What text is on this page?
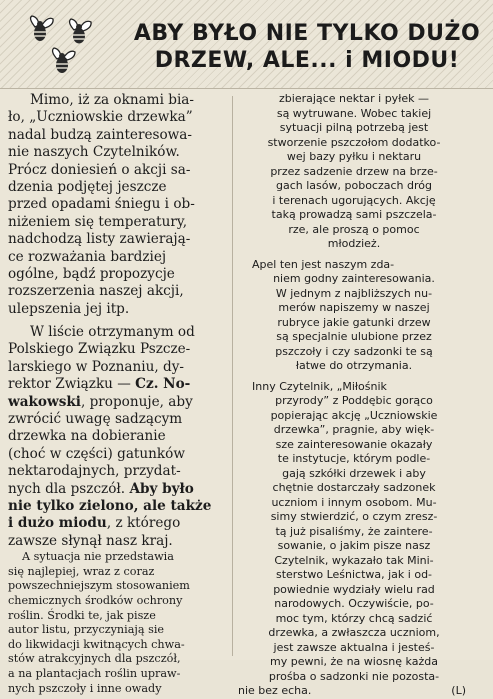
ABY BYŁO NIE TYLKO DUŻO
DRZEW, ALE... i MIODU!
Mimo, iż za oknami bia-
ło, „Uczniowskie drzewka”
nadal budzą zainteresowa-
nie naszych Czytelników.
Prócz doniesień o akcji sa-
dzenia podjętej jeszcze
przed opadami śniegu i ob-
niżeniem się temperatury,
nadchodzą listy zawierają-
ce rozważania bardziej
ogólne, bądź propozycje
rozszerzenia naszej akcji,
ulepszenia jej itp.
W liście otrzymanym od
Polskiego Związku Pszcze-
larskiego w Poznaniu, dy-
rektor Związku — Cz. No-
wakowski, proponuje, aby
zwrócić uwagę sadzącym
drzewka na dobieranie
(choć w części) gatunków
nektarodajnych, przydat-
nych dla pszczół. Aby było
nie tylko zielono, ale także
i dużo miodu, z którego
zawsze słynął nasz kraj.
A sytuacja nie przedstawia
się najlepiej, wraz z coraz
powszechniejszym stosowaniem
chemicznych środków ochrony
roślin. Środki te, jak pisze
autor listu, przyczyniają sie
do likwidacji kwitnących chwa-
stów atrakcyjnych dla pszczół,
a na plantacjach roślin upraw-
nych pszczoły i inne owady
zbierające nektar i pyłek —
są wytruwane. Wobec takiej
sytuacji pilną potrzebą jest
stworzenie pszczołom dodatko-
wej bazy pyłku i nektaru
przez sadzenie drzew na brze-
gach lasów, poboczach dróg
i terenach ugorujących. Akcję
taką prowadzą sami pszczela-
rze, ale proszą o pomoc
młodzież.
Apel ten jest naszym zda-
niem godny zainteresowania.
W jednym z najbliższych nu-
merów napiszemy w naszej
rubryce jakie gatunki drzew
są specjalnie ulubione przez
pszczoły i czy sadzonki te są
łatwe do otrzymania.
Inny Czytelnik, „Miłośnik
przyrody” z Poddębic gorąco
popierając akcję „Uczniowskie
drzewka”, pragnie, aby więk-
sze zainteresowanie okazały
te instytucje, którym podle-
gają szkółki drzewek i aby
chętnie dostarczały sadzonek
uczniom i innym osobom. Mu-
simy stwierdzić, o czym zresz-
tą już pisaliśmy, że zaintere-
sowanie, o jakim pisze nasz
Czytelnik, wykazało tak Mini-
sterstwo Leśnictwa, jak i od-
powiednie wydziały wielu rad
narodowych. Oczywiście, po-
moc tym, którzy chcą sadzić
drzewka, a zwłaszcza uczniom,
jest zawsze aktualna i jesteś-
my pewni, że na wiosnę każda
prośba o sadzonki nie pozosta-
nie bez echa.	(L)
